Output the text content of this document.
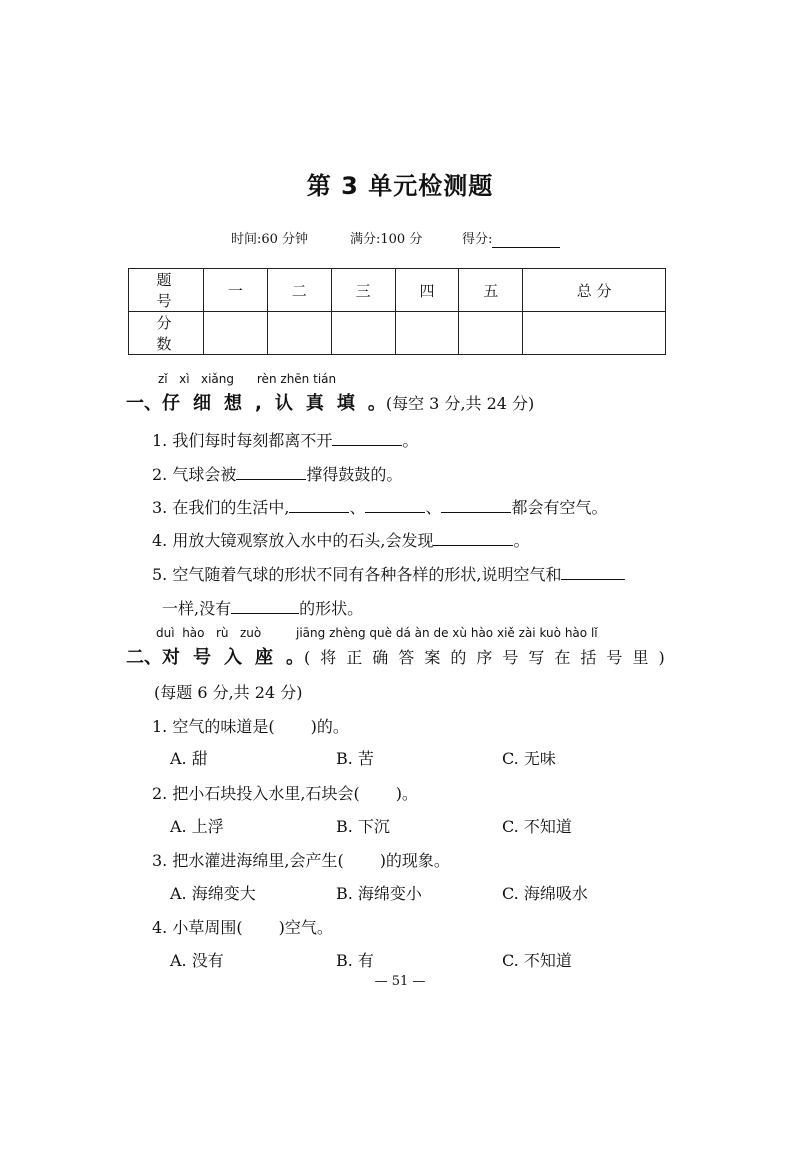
第 3 单元检测题
时间:60 分钟	满分:100 分	得分:
题 号	一	二	三	四	五	总 分
分 数						
zǐ xì xiǎng rèn zhēn tián
一、仔细想,认真填。(每空 3 分,共 24 分)
1. 我们每时每刻都离不开	。
2. 气球会被	撑得鼓鼓的。
3. 在我们的生活中,	、	、	都会有空气。
4. 用放大镜观察放入水中的石头,会发现	。
5. 空气随着气球的形状不同有各种各样的形状,说明空气和
一样,没有	的形状。
duì hào rù zuò	jiāng zhèng què dá àn de xù hào xiě zài kuò hào lǐ
二、对号入座。(将正确答案的序号写在括号里)
(每题 6 分,共 24 分)
1. 空气的味道是( )的。
A. 甜	B. 苦	C. 无味
2. 把小石块投入水里,石块会( )。
A. 上浮	B. 下沉	C. 不知道
3. 把水灌进海绵里,会产生( )的现象。
A. 海绵变大	B. 海绵变小	C. 海绵吸水
4. 小草周围( )空气。
A. 没有	B. 有	C. 不知道
— 51 —
